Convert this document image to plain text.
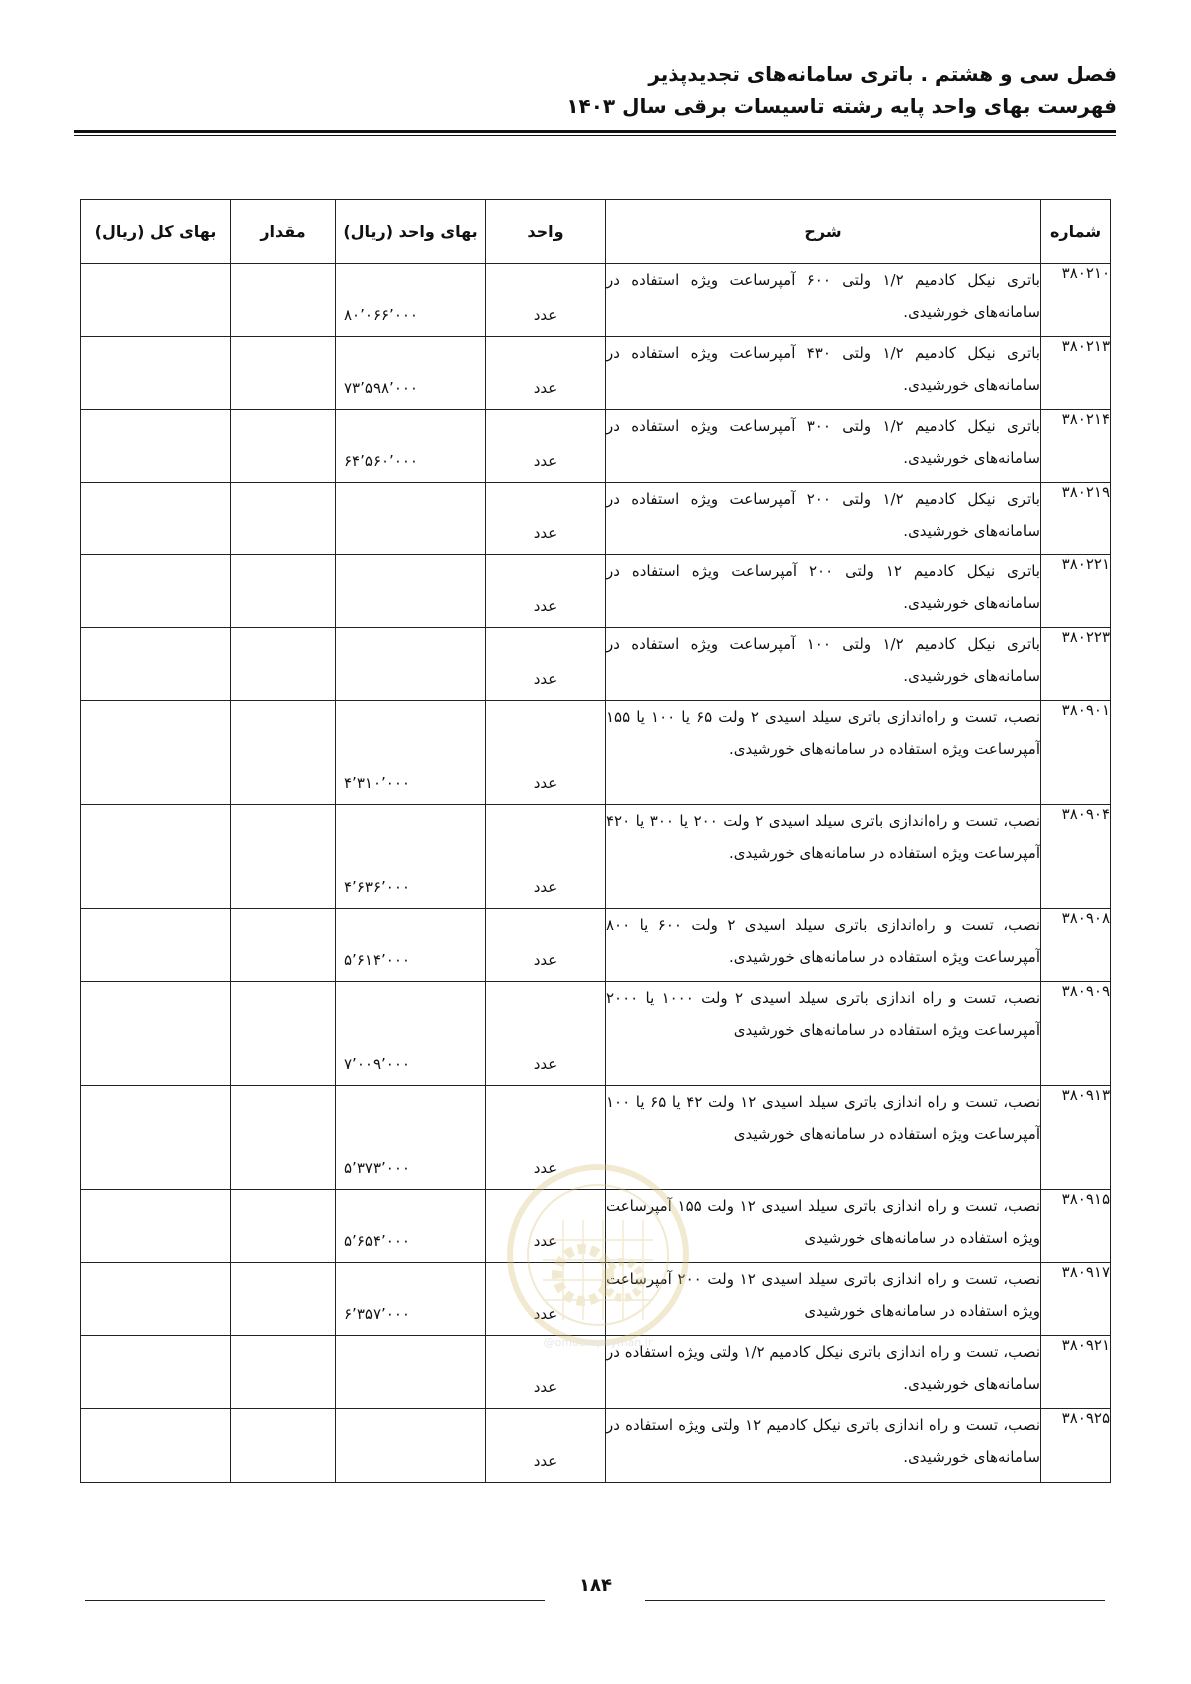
فصل سی و هشتم . باتری سامانه‌های تجدیدپذیر
فهرست بهای واحد پایه رشته تاسیسات برقی سال ۱۴۰۳
شماره	شرح	واحد	بهای واحد (ریال)	مقدار	بهای کل (ریال)
۳۸۰۲۱۰	باتری نیکل کادمیم ۱/۲ ولتی ۶۰۰ آمپرساعت ویژه استفاده در سامانه‌های خورشیدی.	عدد	۸۰٬۰۶۶٬۰۰۰		
۳۸۰۲۱۳	باتری نیکل کادمیم ۱/۲ ولتی ۴۳۰ آمپرساعت ویژه استفاده در سامانه‌های خورشیدی.	عدد	۷۳٬۵۹۸٬۰۰۰		
۳۸۰۲۱۴	باتری نیکل کادمیم ۱/۲ ولتی ۳۰۰ آمپرساعت ویژه استفاده در سامانه‌های خورشیدی.	عدد	۶۴٬۵۶۰٬۰۰۰		
۳۸۰۲۱۹	باتری نیکل کادمیم ۱/۲ ولتی ۲۰۰ آمپرساعت ویژه استفاده در سامانه‌های خورشیدی.	عدد			
۳۸۰۲۲۱	باتری نیکل کادمیم ۱۲ ولتی ۲۰۰ آمپرساعت ویژه استفاده در سامانه‌های خورشیدی.	عدد			
۳۸۰۲۲۳	باتری نیکل کادمیم ۱/۲ ولتی ۱۰۰ آمپرساعت ویژه استفاده در سامانه‌های خورشیدی.	عدد			
۳۸۰۹۰۱	نصب، تست و راه‌اندازی باتری سیلد اسیدی ۲ ولت ۶۵ یا ۱۰۰ یا ۱۵۵ آمپرساعت ویژه استفاده در سامانه‌های خورشیدی.	عدد	۴٬۳۱۰٬۰۰۰		
۳۸۰۹۰۴	نصب، تست و راه‌اندازی باتری سیلد اسیدی ۲ ولت ۲۰۰ یا ۳۰۰ یا ۴۲۰ آمپرساعت ویژه استفاده در سامانه‌های خورشیدی.	عدد	۴٬۶۳۶٬۰۰۰		
۳۸۰۹۰۸	نصب، تست و راه‌اندازی باتری سیلد اسیدی ۲ ولت ۶۰۰ یا ۸۰۰ آمپرساعت ویژه استفاده در سامانه‌های خورشیدی.	عدد	۵٬۶۱۴٬۰۰۰		
۳۸۰۹۰۹	نصب، تست و راه اندازی باتری سیلد اسیدی ۲ ولت ۱۰۰۰ یا ۲۰۰۰ آمپرساعت ویژه استفاده در سامانه‌های خورشیدی	عدد	۷٬۰۰۹٬۰۰۰		
۳۸۰۹۱۳	نصب، تست و راه اندازی باتری سیلد اسیدی ۱۲ ولت ۴۲ یا ۶۵ یا ۱۰۰ آمپرساعت ویژه استفاده در سامانه‌های خورشیدی	عدد	۵٬۳۷۳٬۰۰۰		
۳۸۰۹۱۵	نصب، تست و راه اندازی باتری سیلد اسیدی ۱۲ ولت ۱۵۵ آمپرساعت ویژه استفاده در سامانه‌های خورشیدی	عدد	۵٬۶۵۴٬۰۰۰		
۳۸۰۹۱۷	نصب، تست و راه اندازی باتری سیلد اسیدی ۱۲ ولت ۲۰۰ آمپرساعت ویژه استفاده در سامانه‌های خورشیدی	عدد	۶٬۳۵۷٬۰۰۰		
۳۸۰۹۲۱	نصب، تست و راه اندازی باتری نیکل کادمیم ۱/۲ ولتی ویژه استفاده در سامانه‌های خورشیدی.	عدد			
۳۸۰۹۲۵	نصب، تست و راه اندازی باتری نیکل کادمیم ۱۲ ولتی ویژه استفاده در سامانه‌های خورشیدی.	عدد			
@omoorepeyman.ir
۱۸۴
